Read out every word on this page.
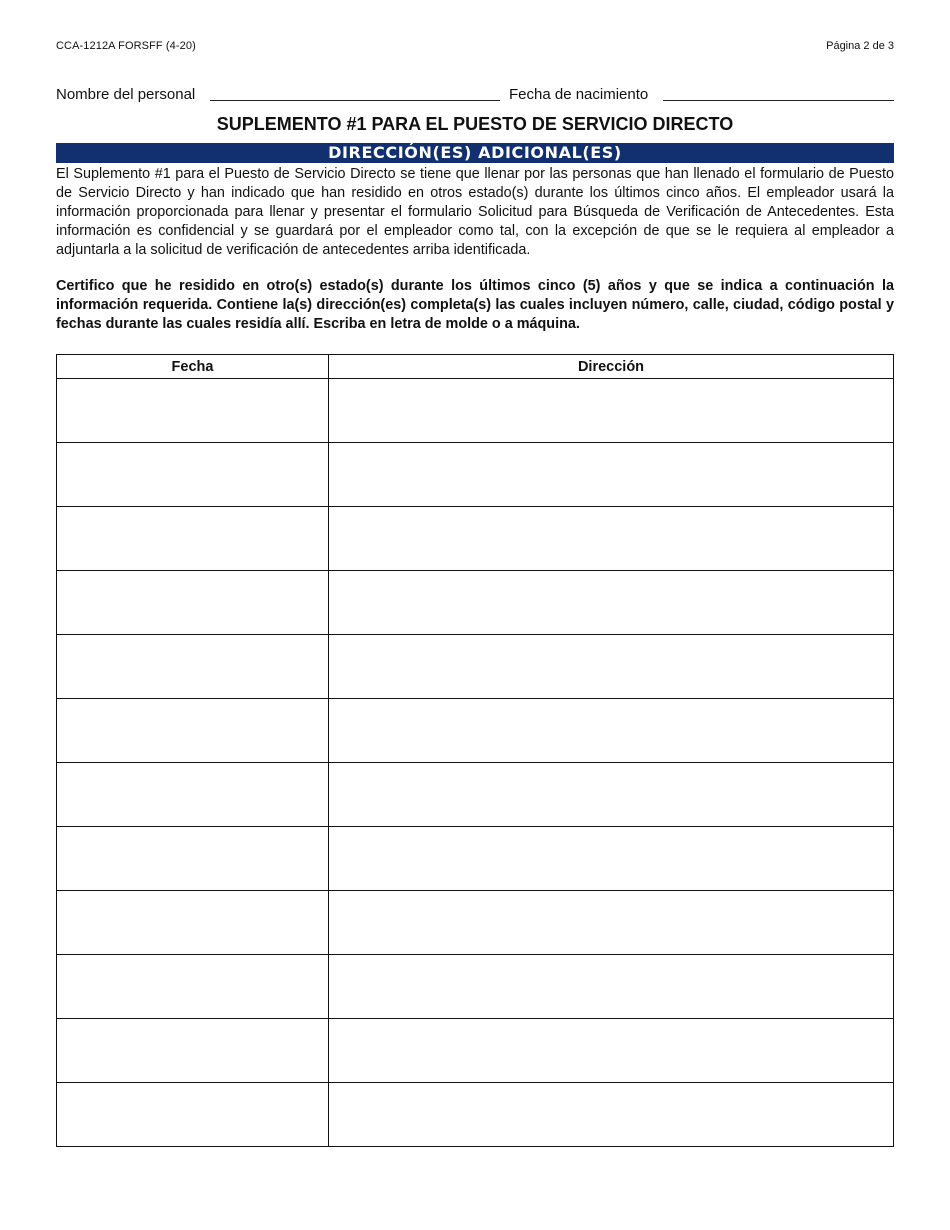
CCA-1212A FORSFF (4-20)	Página 2 de 3
Nombre del personal	Fecha de nacimiento
SUPLEMENTO #1 PARA EL PUESTO DE SERVICIO DIRECTO
DIRECCIÓN(ES) ADICIONAL(ES)
El Suplemento #1 para el Puesto de Servicio Directo se tiene que llenar por las personas que han llenado el formulario de Puesto de Servicio Directo y han indicado que han residido en otros estado(s) durante los últimos cinco años. El empleador usará la información proporcionada para llenar y presentar el formulario Solicitud para Búsqueda de Verificación de Antecedentes. Esta información es confidencial y se guardará por el empleador como tal, con la excepción de que se le requiera al empleador a adjuntarla a la solicitud de verificación de antecedentes arriba identificada.
Certifico que he residido en otro(s) estado(s) durante los últimos cinco (5) años y que se indica a continuación la información requerida. Contiene la(s) dirección(es) completa(s) las cuales incluyen número, calle, ciudad, código postal y fechas durante las cuales residía allí. Escriba en letra de molde o a máquina.
Fecha	Dirección
